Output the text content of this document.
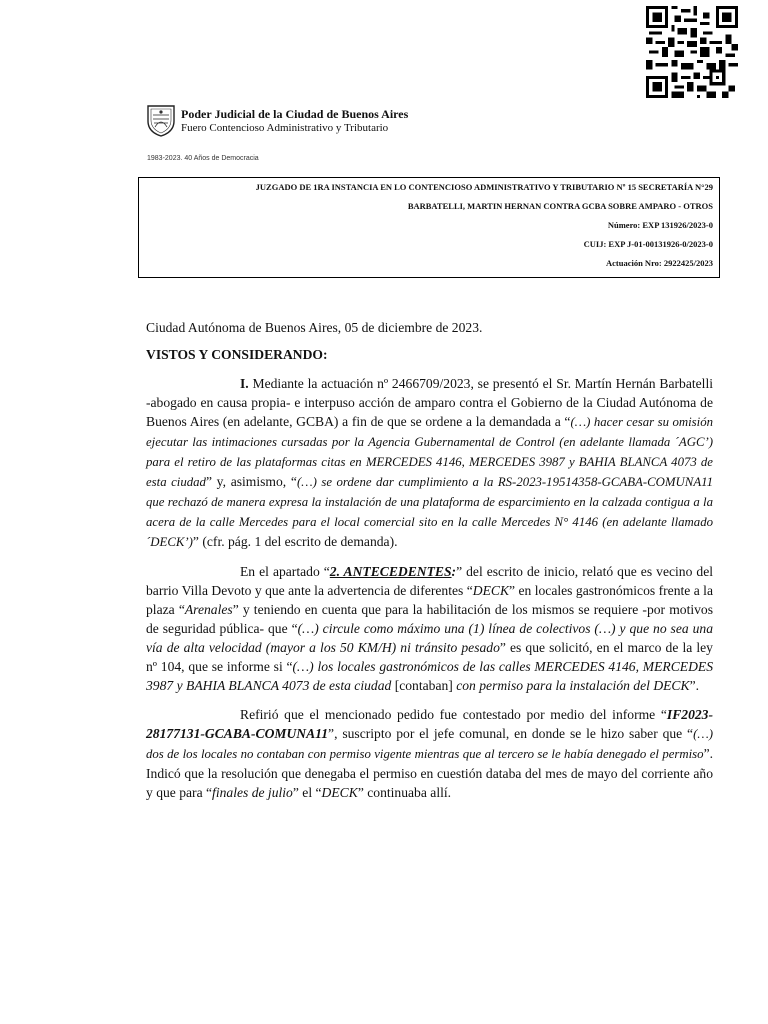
Poder Judicial de la Ciudad de Buenos Aires
Fuero Contencioso Administrativo y Tributario
1983-2023. 40 Años de Democracia
JUZGADO DE 1RA INSTANCIA EN LO CONTENCIOSO ADMINISTRATIVO Y TRIBUTARIO Nº 15 SECRETARÍA N°29
BARBATELLI, MARTIN HERNAN CONTRA GCBA SOBRE AMPARO - OTROS
Número: EXP 131926/2023-0
CUIJ: EXP J-01-00131926-0/2023-0
Actuación Nro: 2922425/2023

Ciudad Autónoma de Buenos Aires, 05 de diciembre de 2023.

VISTOS Y CONSIDERANDO:

I. Mediante la actuación nº 2466709/2023, se presentó el Sr. Martín Hernán Barbatelli -abogado en causa propia- e interpuso acción de amparo contra el Gobierno de la Ciudad Autónoma de Buenos Aires (en adelante, GCBA) a fin de que se ordene a la demandada a “(…) hacer cesar su omisión ejecutar las intimaciones cursadas por la Agencia Gubernamental de Control (en adelante llamada ´AGC’) para el retiro de las plataformas citas en MERCEDES 4146, MERCEDES 3987 y BAHIA BLANCA 4073 de esta ciudad” y, asimismo, “(…) se ordene dar cumplimiento a la RS-2023-19514358-GCABA-COMUNA11 que rechazó de manera expresa la instalación de una plataforma de esparcimiento en la calzada contigua a la acera de la calle Mercedes para el local comercial sito en la calle Mercedes N° 4146 (en adelante llamado ´DECK’)” (cfr. pág. 1 del escrito de demanda).

En el apartado “2. ANTECEDENTES:” del escrito de inicio, relató que es vecino del barrio Villa Devoto y que ante la advertencia de diferentes “DECK” en locales gastronómicos frente a la plaza “Arenales” y teniendo en cuenta que para la habilitación de los mismos se requiere -por motivos de seguridad pública- que “(…) circule como máximo una (1) línea de colectivos (…) y que no sea una vía de alta velocidad (mayor a los 50 KM/H) ni tránsito pesado” es que solicitó, en el marco de la ley nº 104, que se informe si “(…) los locales gastronómicos de las calles MERCEDES 4146, MERCEDES 3987 y BAHIA BLANCA 4073 de esta ciudad [contaban] con permiso para la instalación del DECK”.

Refirió que el mencionado pedido fue contestado por medio del informe “IF2023-28177131-GCABA-COMUNA11”, suscripto por el jefe comunal, en donde se le hizo saber que “(…) dos de los locales no contaban con permiso vigente mientras que al tercero se le había denegado el permiso”. Indicó que la resolución que denegaba el permiso en cuestión databa del mes de mayo del corriente año y que para “finales de julio” el “DECK” continuaba allí.
